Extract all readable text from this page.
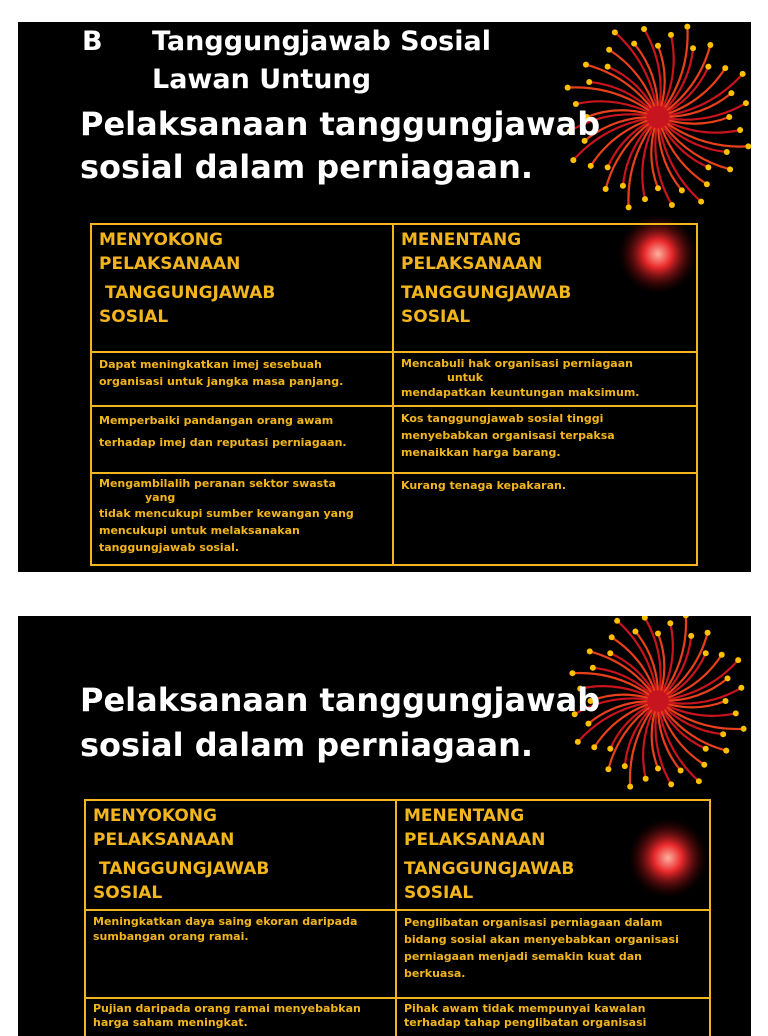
B Tanggungjawab Sosial
Lawan Untung
Pelaksanaan tanggungjawab
sosial dalam perniagaan.
MENYOKONG
PELAKSANAAN
TANGGUNGJAWAB
SOSIAL	MENENTANG
PELAKSANAAN
TANGGUNGJAWAB
SOSIAL

Dapat meningkatkan imej sesebuah
organisasi untuk jangka masa panjang.	Mencabuli hak organisasi perniagaan
untuk
mendapatkan keuntungan maksimum.

Memperbaiki pandangan orang awam
terhadap imej dan reputasi perniagaan.	Kos tanggungjawab sosial tinggi
menyebabkan organisasi terpaksa
menaikkan harga barang.

Mengambilalih peranan sektor swasta
yang
tidak mencukupi sumber kewangan yang
mencukupi untuk melaksanakan
tanggungjawab sosial.	Kurang tenaga kepakaran.
Pelaksanaan tanggungjawab
sosial dalam perniagaan.
MENYOKONG
PELAKSANAAN
TANGGUNGJAWAB
SOSIAL	MENENTANG
PELAKSANAAN
TANGGUNGJAWAB
SOSIAL

Meningkatkan daya saing ekoran daripada
sumbangan orang ramai.	Penglibatan organisasi perniagaan dalam
bidang sosial akan menyebabkan organisasi
perniagaan menjadi semakin kuat dan
berkuasa.

Pujian daripada orang ramai menyebabkan
harga saham meningkat.	Pihak awam tidak mempunyai kawalan
terhadap tahap penglibatan organisasi
